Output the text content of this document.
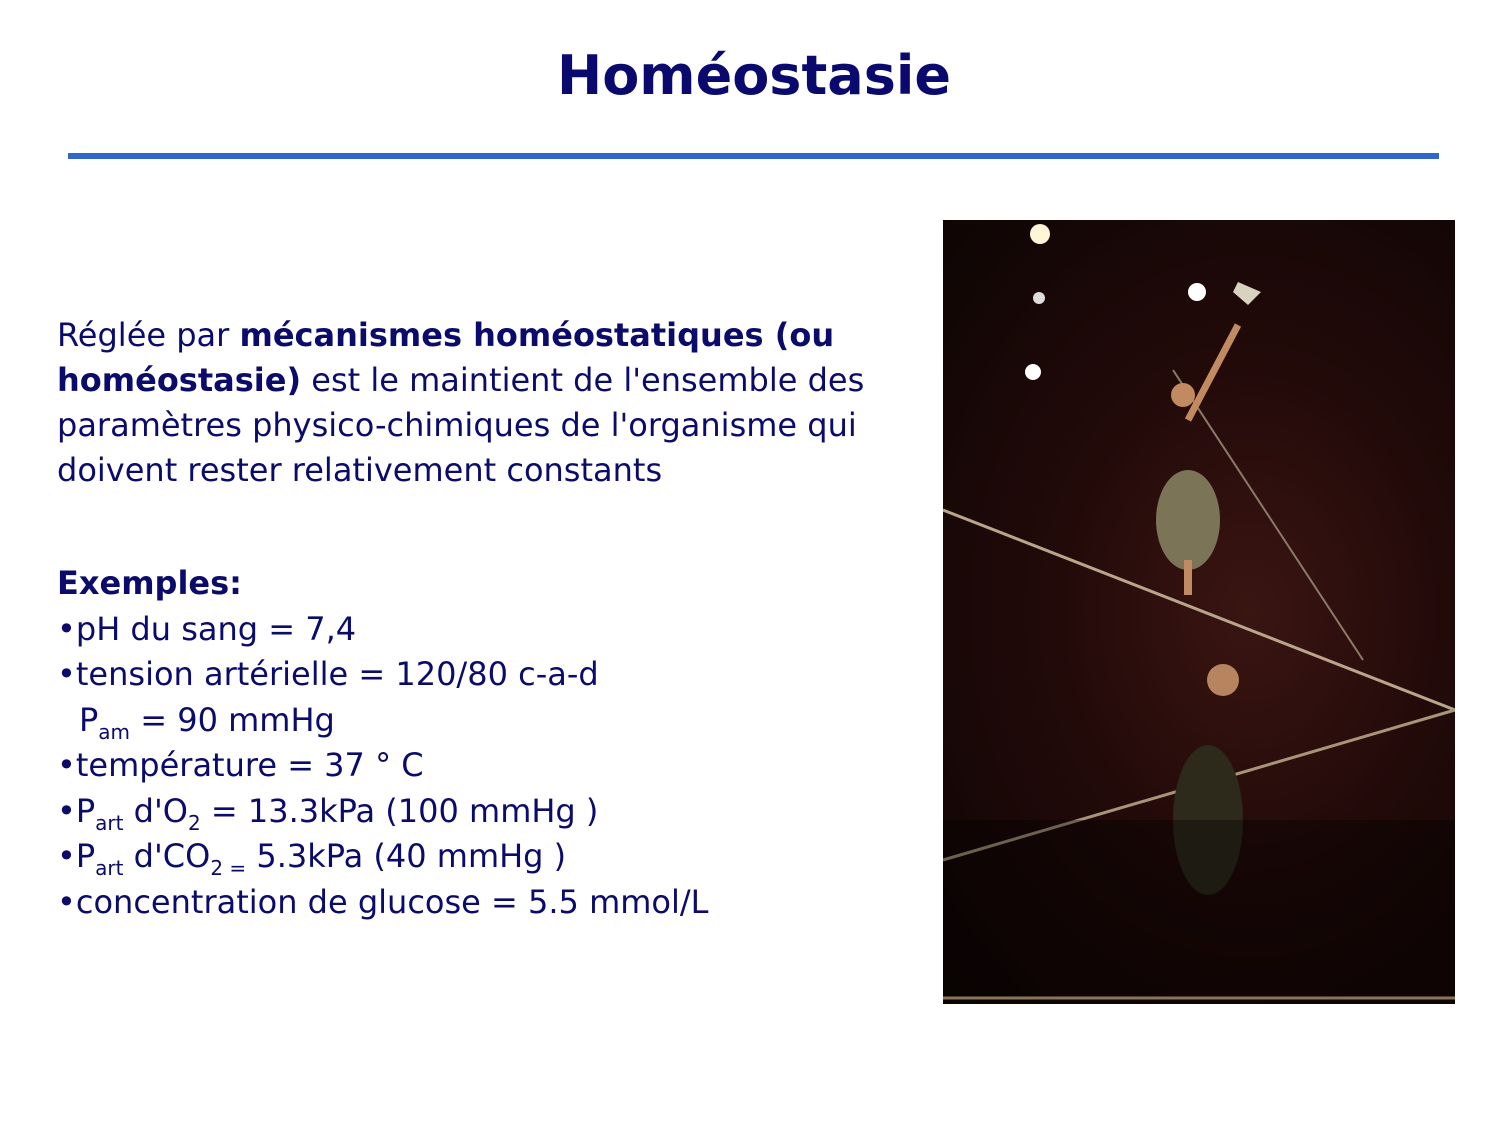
Homéostasie
Réglée par mécanismes homéostatiques (ou
homéostasie) est le maintient de l'ensemble des
paramètres physico-chimiques de l'organisme qui
doivent rester relativement constants
Exemples:
•pH du sang = 7,4
•tension artérielle = 120/80 c-a-d
$P_{am} = 90$ mmHg
•température = 37 ° C
$•P_{art}$ $d'O_2 = 13.3kPa$ (100 mmHg )
$•P_{art}$ $d'CO_{2 =}$ 5.3kPa (40 mmHg )
•concentration de glucose = 5.5 mmol/L
